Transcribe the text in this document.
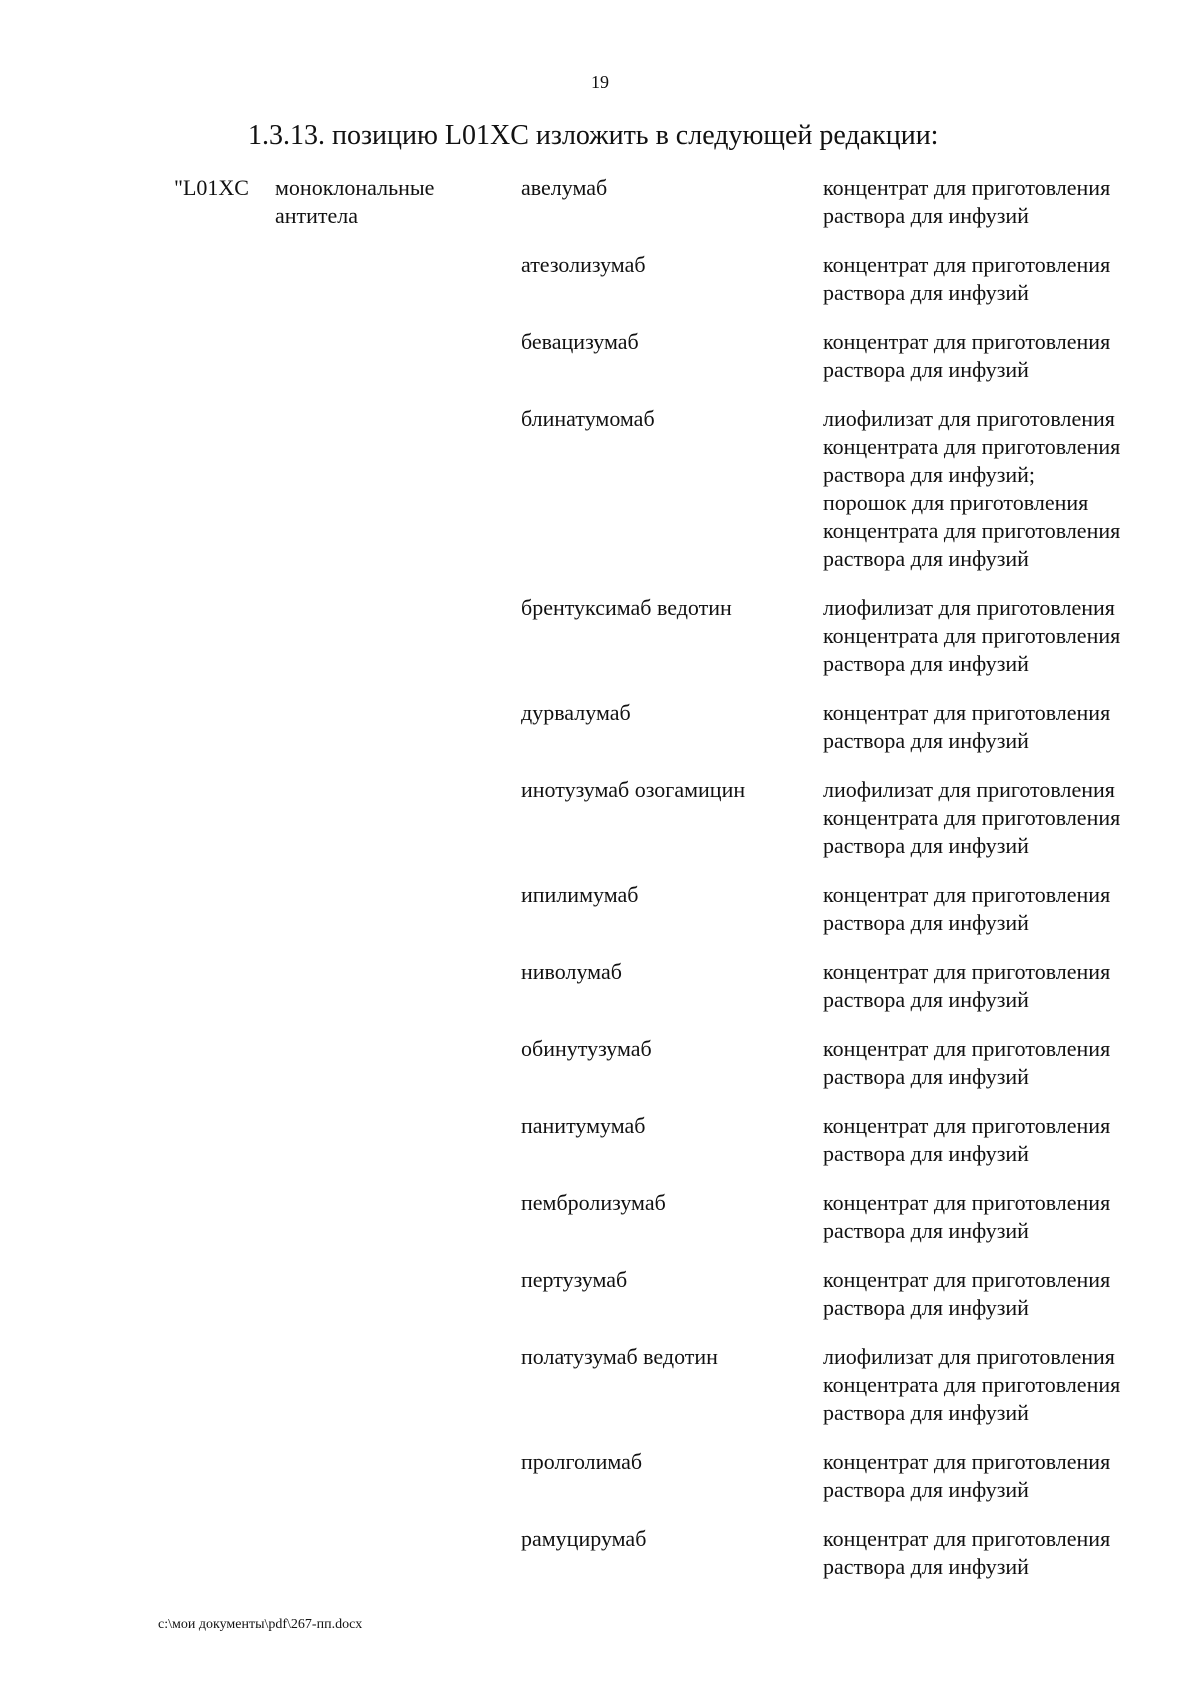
19
1.3.13. позицию L01XC изложить в следующей редакции:
"L01XC моноклональные
антитела
авелумаб	концентрат для приготовления
раствора для инфузий
атезолизумаб	концентрат для приготовления
раствора для инфузий
бевацизумаб	концентрат для приготовления
раствора для инфузий
блинатумомаб	лиофилизат для приготовления
концентрата для приготовления
раствора для инфузий;
порошок для приготовления
концентрата для приготовления
раствора для инфузий
брентуксимаб ведотин	лиофилизат для приготовления
концентрата для приготовления
раствора для инфузий
дурвалумаб	концентрат для приготовления
раствора для инфузий
инотузумаб озогамицин	лиофилизат для приготовления
концентрата для приготовления
раствора для инфузий
ипилимумаб	концентрат для приготовления
раствора для инфузий
ниволумаб	концентрат для приготовления
раствора для инфузий
обинутузумаб	концентрат для приготовления
раствора для инфузий
панитумумаб	концентрат для приготовления
раствора для инфузий
пембролизумаб	концентрат для приготовления
раствора для инфузий
пертузумаб	концентрат для приготовления
раствора для инфузий
полатузумаб ведотин	лиофилизат для приготовления
концентрата для приготовления
раствора для инфузий
пролголимаб	концентрат для приготовления
раствора для инфузий
рамуцирумаб	концентрат для приготовления
раствора для инфузий
c:\мои документы\pdf\267-пп.docx
